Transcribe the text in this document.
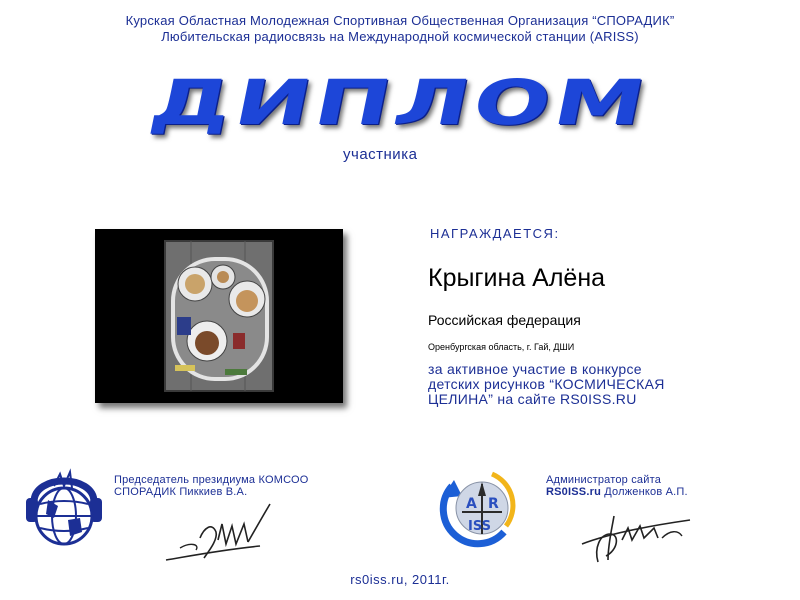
Курская Областная Молодежная Спортивная Общественная Организация “СПОРАДИК”
Любительская радиосвязь на Международной космической станции (ARISS)
ДИПЛОМ
участника
НАГРАЖДАЕТСЯ:
Крыгина Алёна
Российская федерация
Оренбургская область, г. Гай, ДШИ
за активное участие в конкурсе
детских рисунков “КОСМИЧЕСКАЯ
ЦЕЛИНА” на сайте RS0ISS.RU
Председатель президиума КОМСОО
СПОРАДИК Пиккиев В.А.
A R
ISS
Администратор сайта
RS0ISS.ru Долженков А.П.
rs0iss.ru, 2011г.
